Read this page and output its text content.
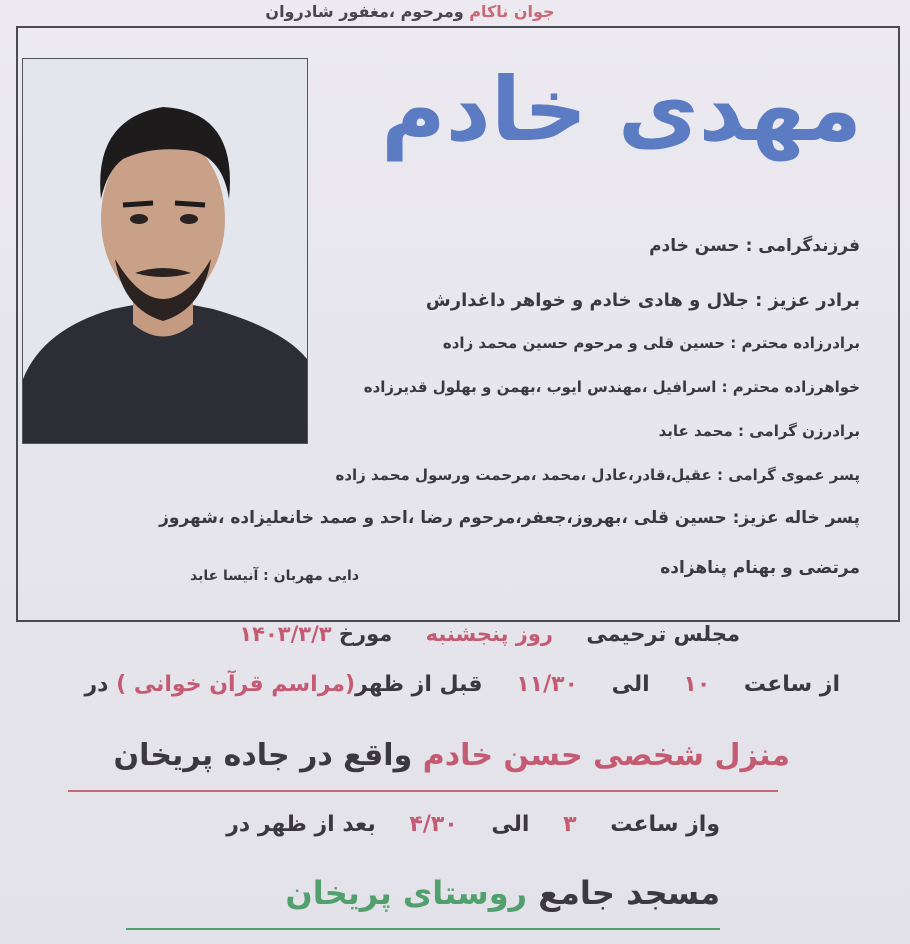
جوان ناکام ومرحوم ،مغفور شادروان
مهدی خادم
فرزندگرامی : حسن خادم
برادر عزیز : جلال و هادی خادم و خواهر داغدارش
برادرزاده محترم : حسین قلی و مرحوم حسین محمد زاده
خواهرزاده محترم : اسرافیل ،مهندس ایوب ،بهمن و بهلول قدیرزاده
برادرزن گرامی : محمد عابد
پسر عموی گرامی : عقیل،قادر،عادل ،محمد ،مرحمت ورسول محمد زاده
پسر خاله عزیز: حسین قلی ،بهروز،جعفر،مرحوم رضا ،احد و صمد خانعلیزاده ،شهروز
مرتضی و بهنام پناهزاده
دایی مهربان : آنیسا عابد
مجلس ترحیمی روز پنجشنبه مورخ ۱۴۰۳/۳/۳
از ساعت ۱۰ الی ۱۱/۳۰ قبل از ظهر(مراسم قرآن خوانی ) در
منزل شخصی حسن خادم واقع در جاده پریخان
واز ساعت ۳ الی ۴/۳۰ بعد از ظهر در
مسجد جامع روستای پریخان
